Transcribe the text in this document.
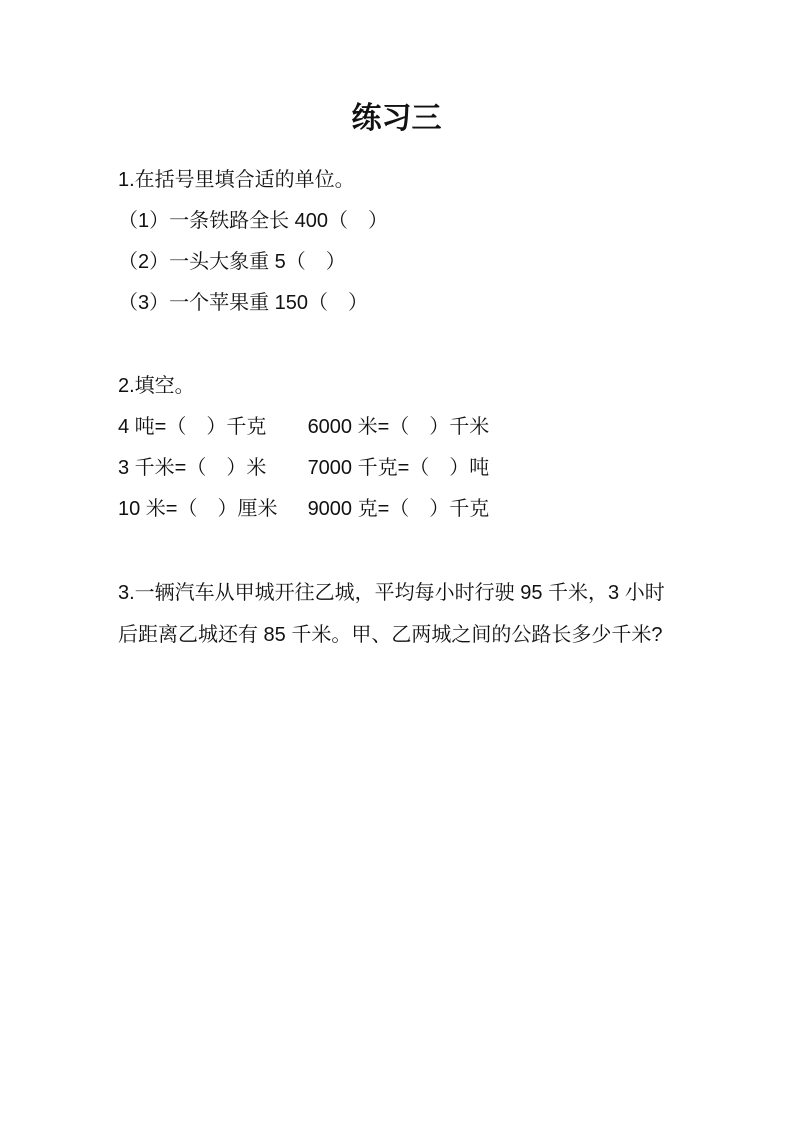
练习三
1.在括号里填合适的单位。
（1）一条铁路全长 400（　）
（2）一头大象重 5（　）
（3）一个苹果重 150（　）
2.填空。
4 吨=（　）千克 6000 米=（　）千米
3 千米=（　）米 7000 千克=（　）吨
10 米=（　）厘米 9000 克=（　）千克
3.一辆汽车从甲城开往乙城，平均每小时行驶 95 千米，3 小时后距离乙城还有 85 千米。甲、乙两城之间的公路长多少千米?
